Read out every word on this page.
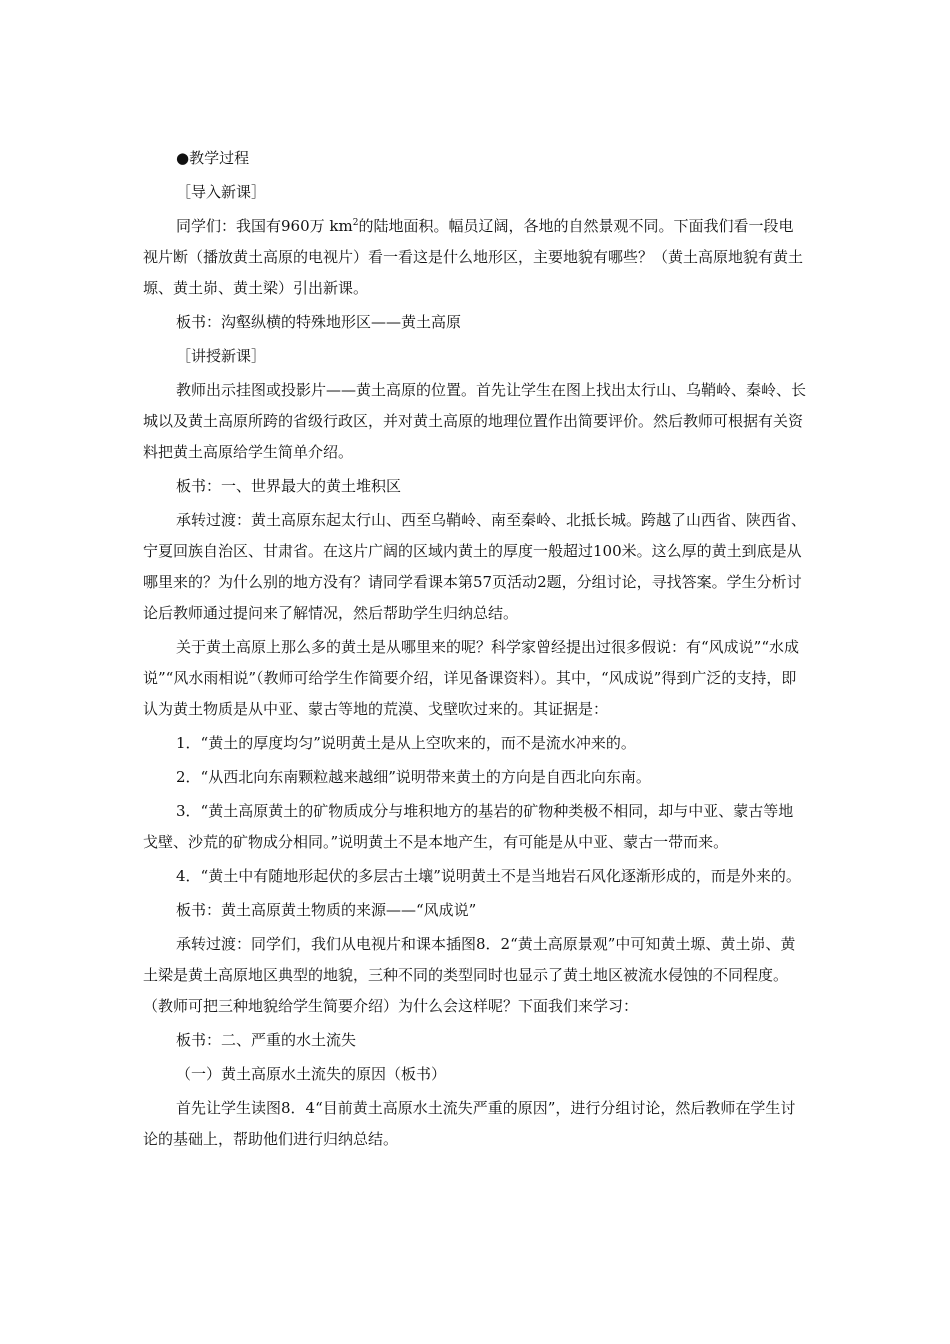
●教学过程

［导入新课］

同学们：我国有960万 $km^2$的陆地面积。幅员辽阔，各地的自然景观不同。下面我们看一段电视片断（播放黄土高原的电视片）看一看这是什么地形区，主要地貌有哪些？（黄土高原地貌有黄土塬、黄土峁、黄土梁）引出新课。

板书：沟壑纵横的特殊地形区——黄土高原

［讲授新课］

教师出示挂图或投影片——黄土高原的位置。首先让学生在图上找出太行山、乌鞘岭、秦岭、长城以及黄土高原所跨的省级行政区，并对黄土高原的地理位置作出简要评价。然后教师可根据有关资料把黄土高原给学生简单介绍。

板书：一、世界最大的黄土堆积区

承转过渡：黄土高原东起太行山、西至乌鞘岭、南至秦岭、北抵长城。跨越了山西省、陕西省、宁夏回族自治区、甘肃省。在这片广阔的区域内黄土的厚度一般超过100米。这么厚的黄土到底是从哪里来的？为什么别的地方没有？请同学看课本第57页活动2题，分组讨论，寻找答案。学生分析讨论后教师通过提问来了解情况，然后帮助学生归纳总结。

关于黄土高原上那么多的黄土是从哪里来的呢？科学家曾经提出过很多假说：有“风成说”“水成说”“风水雨相说”（教师可给学生作简要介绍，详见备课资料）。其中，“风成说”得到广泛的支持，即认为黄土物质是从中亚、蒙古等地的荒漠、戈壁吹过来的。其证据是：

1．“黄土的厚度均匀”说明黄土是从上空吹来的，而不是流水冲来的。

2．“从西北向东南颗粒越来越细”说明带来黄土的方向是自西北向东南。

3．“黄土高原黄土的矿物质成分与堆积地方的基岩的矿物种类极不相同，却与中亚、蒙古等地戈壁、沙荒的矿物成分相同。”说明黄土不是本地产生，有可能是从中亚、蒙古一带而来。

4．“黄土中有随地形起伏的多层古土壤”说明黄土不是当地岩石风化逐渐形成的，而是外来的。

板书：黄土高原黄土物质的来源——“风成说”

承转过渡：同学们，我们从电视片和课本插图8．2“黄土高原景观”中可知黄土塬、黄土峁、黄土梁是黄土高原地区典型的地貌，三种不同的类型同时也显示了黄土地区被流水侵蚀的不同程度。（教师可把三种地貌给学生简要介绍）为什么会这样呢？下面我们来学习：

板书：二、严重的水土流失

（一）黄土高原水土流失的原因（板书）

首先让学生读图8．4“目前黄土高原水土流失严重的原因”，进行分组讨论，然后教师在学生讨论的基础上，帮助他们进行归纳总结。
